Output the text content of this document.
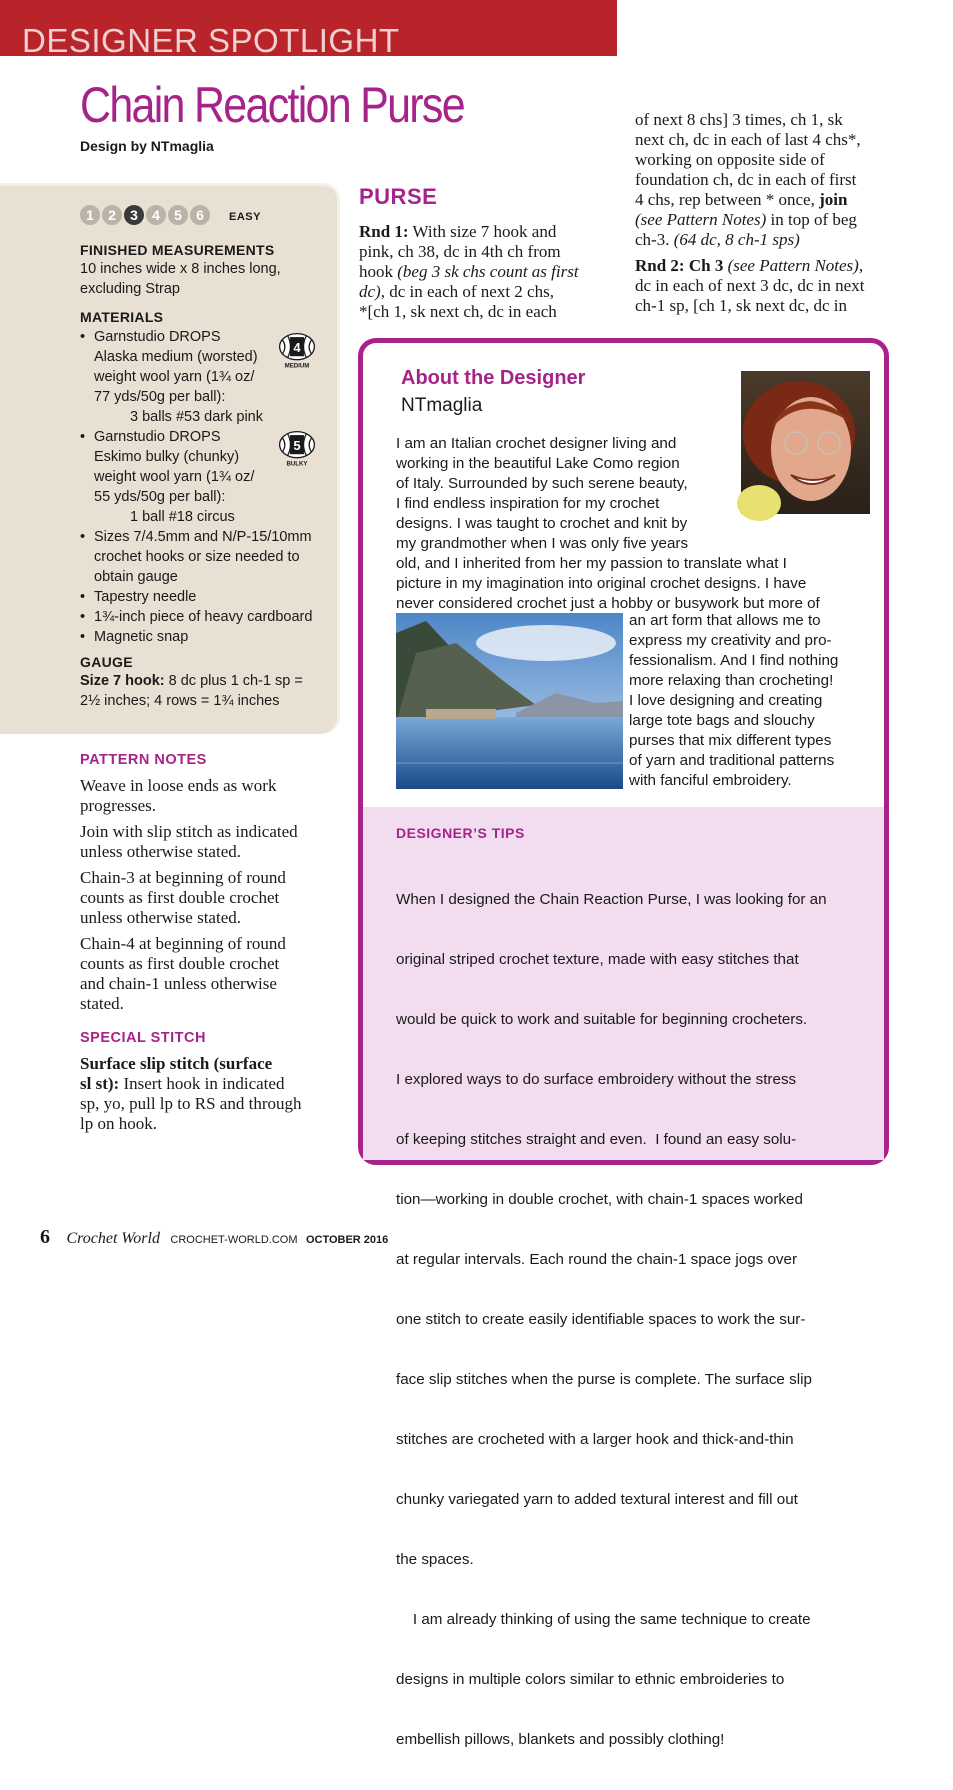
DESIGNER SPOTLIGHT
Chain Reaction Purse
Design by NTmaglia
1	2	3	4	5	6	EASY
FINISHED MEASUREMENTS
10 inches wide x 8 inches long,
excluding Strap
MATERIALS
• Garnstudio DROPS
Alaska medium (worsted)
weight wool yarn (1¾ oz/
77 yds/50g per ball):
3 balls #53 dark pink
• Garnstudio DROPS
Eskimo bulky (chunky)
weight wool yarn (1¾ oz/
55 yds/50g per ball):
1 ball #18 circus
• Sizes 7/4.5mm and N/P-15/10mm
crochet hooks or size needed to
obtain gauge
• Tapestry needle
• 1¾-inch piece of heavy cardboard
• Magnetic snap
4
MEDIUM
5
BULKY
GAUGE
Size 7 hook: 8 dc plus 1 ch-1 sp =
2½ inches; 4 rows = 1¾ inches
PATTERN NOTES
Weave in loose ends as work
progresses.
Join with slip stitch as indicated
unless otherwise stated.
Chain-3 at beginning of round
counts as first double crochet
unless otherwise stated.
Chain-4 at beginning of round
counts as first double crochet
and chain-1 unless otherwise
stated.
SPECIAL STITCH
Surface slip stitch (surface
sl st): Insert hook in indicated
sp, yo, pull lp to RS and through
lp on hook.
PURSE
Rnd 1: With size 7 hook and
pink, ch 38, dc in 4th ch from
hook (beg 3 sk chs count as first
dc), dc in each of next 2 chs,
*[ch 1, sk next ch, dc in each
of next 8 chs] 3 times, ch 1, sk
next ch, dc in each of last 4 chs*,
working on opposite side of
foundation ch, dc in each of first
4 chs, rep between * once, join
(see Pattern Notes) in top of beg
ch-3. (64 dc, 8 ch-1 sps)
Rnd 2: Ch 3 (see Pattern Notes),
dc in each of next 3 dc, dc in next
ch-1 sp, [ch 1, sk next dc, dc in
About the Designer
NTmaglia
I am an Italian crochet designer living and
working in the beautiful Lake Como region
of Italy. Surrounded by such serene beauty,
I find endless inspiration for my crochet
designs. I was taught to crochet and knit by
my grandmother when I was only five years
old, and I inherited from her my passion to translate what I
picture in my imagination into original crochet designs. I have
never considered crochet just a hobby or busywork but more of
an art form that allows me to
express my creativity and pro-
fessionalism. And I find nothing
more relaxing than crocheting!
I love designing and creating
large tote bags and slouchy
purses that mix different types
of yarn and traditional patterns
with fanciful embroidery.
DESIGNER’S TIPS

When I designed the Chain Reaction Purse, I was looking for an

original striped crochet texture, made with easy stitches that

would be quick to work and suitable for beginning crocheters.

I explored ways to do surface embroidery without the stress

of keeping stitches straight and even.  I found an easy solu-

tion—working in double crochet, with chain-1 spaces worked

at regular intervals. Each round the chain-1 space jogs over

one stitch to create easily identifiable spaces to work the sur-

face slip stitches when the purse is complete. The surface slip

stitches are crocheted with a larger hook and thick-and-thin

chunky variegated yarn to added textural interest and fill out

the spaces.

I am already thinking of using the same technique to create

designs in multiple colors similar to ethnic embroideries to

embellish pillows, blankets and possibly clothing!

6 Crochet World CROCHET-WORLD.COM OCTOBER 2016
